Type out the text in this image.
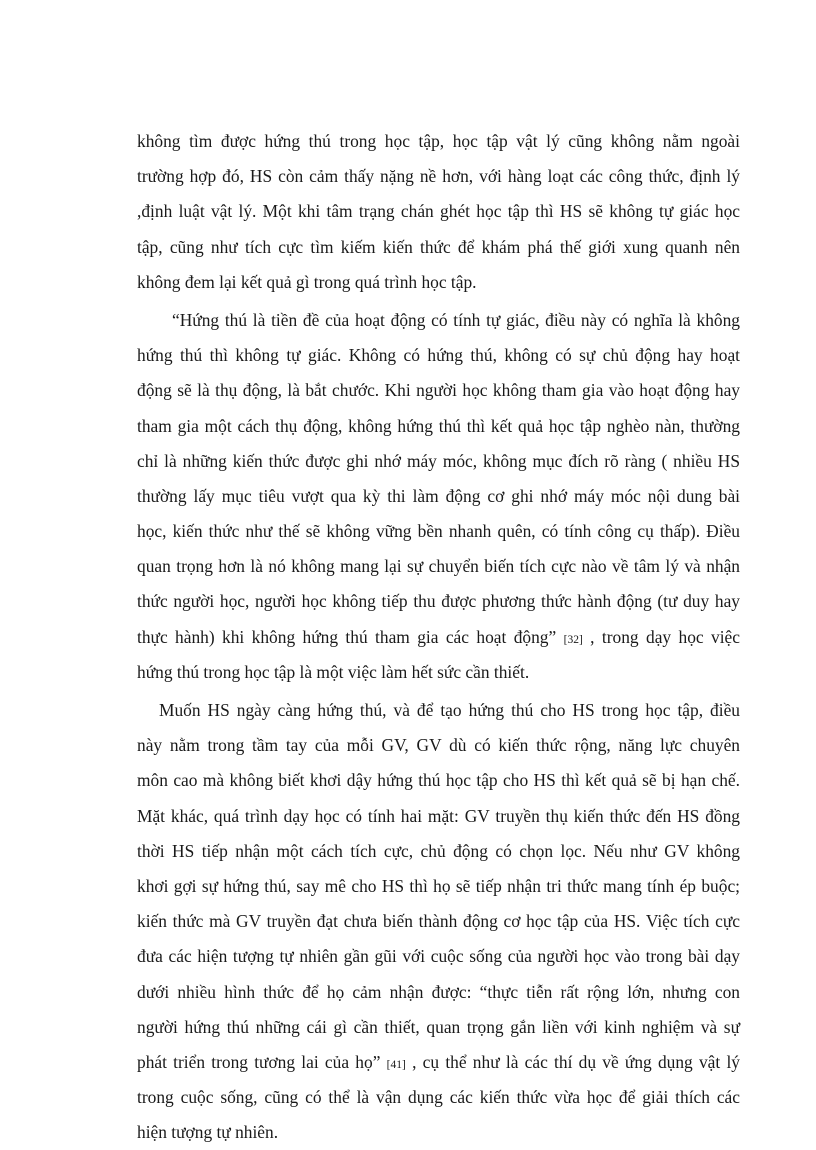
không tìm được hứng thú trong học tập, học tập vật lý cũng không nằm ngoài
trường hợp đó, HS còn cảm thấy nặng nề hơn, với hàng loạt các công thức, định lý
,định luật vật lý. Một khi tâm trạng chán ghét học tập thì HS sẽ không tự giác học
tập, cũng như tích cực tìm kiếm kiến thức để khám phá thế giới xung quanh nên
không đem lại kết quả gì trong quá trình học tập.
“Hứng thú là tiền đề của hoạt động có tính tự giác, điều này có nghĩa là không
hứng thú thì không tự giác. Không có hứng thú, không có sự chủ động hay hoạt
động sẽ là thụ động, là bắt chước. Khi người học không tham gia vào hoạt động hay
tham gia một cách thụ động, không hứng thú thì kết quả học tập nghèo nàn, thường
chỉ là những kiến thức được ghi nhớ máy móc, không mục đích rõ ràng ( nhiều HS
thường lấy mục tiêu vượt qua kỳ thi làm động cơ ghi nhớ máy móc nội dung bài
học, kiến thức như thế sẽ không vững bền nhanh quên, có tính công cụ thấp). Điều
quan trọng hơn là nó không mang lại sự chuyển biến tích cực nào về tâm lý và nhận
thức người học, người học không tiếp thu được phương thức hành động (tư duy hay
thực hành) khi không hứng thú tham gia các hoạt động” [32] , trong dạy học việc
hứng thú trong học tập là một việc làm hết sức cần thiết.
Muốn HS ngày càng hứng thú, và để tạo hứng thú cho HS trong học tập, điều
này nằm trong tầm tay của mỗi GV, GV dù có kiến thức rộng, năng lực chuyên
môn cao mà không biết khơi dậy hứng thú học tập cho HS thì kết quả sẽ bị hạn chế.
Mặt khác, quá trình dạy học có tính hai mặt: GV truyền thụ kiến thức đến HS đồng
thời HS tiếp nhận một cách tích cực, chủ động có chọn lọc. Nếu như GV không
khơi gợi sự hứng thú, say mê cho HS thì họ sẽ tiếp nhận tri thức mang tính ép buộc;
kiến thức mà GV truyền đạt chưa biến thành động cơ học tập của HS. Việc tích cực
đưa các hiện tượng tự nhiên gần gũi với cuộc sống của người học vào trong bài dạy
dưới nhiều hình thức để họ cảm nhận được: “thực tiễn rất rộng lớn, nhưng con
người hứng thú những cái gì cần thiết, quan trọng gắn liền với kinh nghiệm và sự
phát triển trong tương lai của họ” [41] , cụ thể như là các thí dụ về ứng dụng vật lý
trong cuộc sống, cũng có thể là vận dụng các kiến thức vừa học để giải thích các
hiện tượng tự nhiên.
